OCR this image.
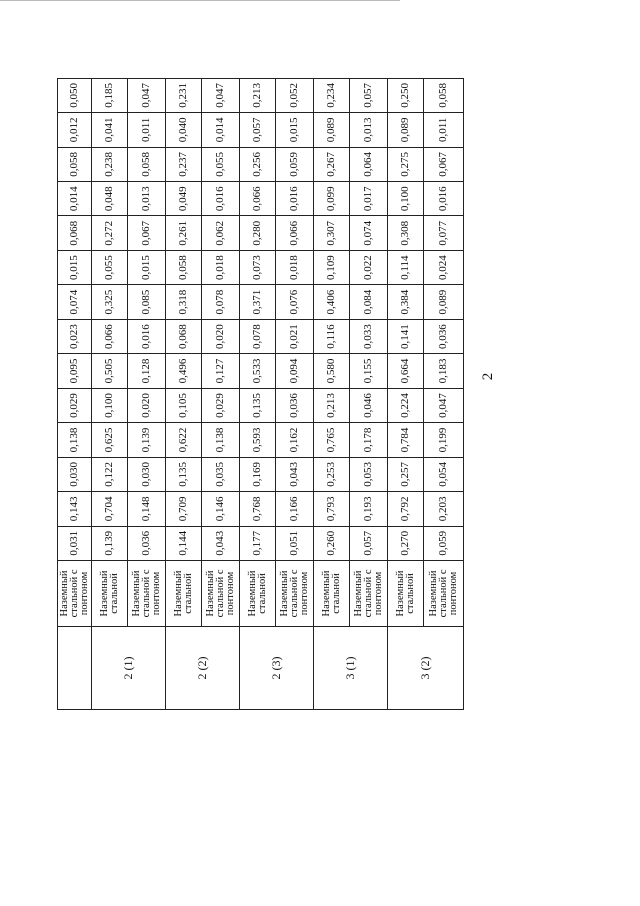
2

	Наземный стальной с понтоном	0,031	0,143	0,030	0,138	0,029	0,095	0,023	0,074	0,015	0,068	0,014	0,058	0,012	0,050
2 (1)	Наземный стальной	0,139	0,704	0,122	0,625	0,100	0,505	0,066	0,325	0,055	0,272	0,048	0,238	0,041	0,185

	Наземный стальной с понтоном	0,036	0,148	0,030	0,139	0,020	0,128	0,016	0,085	0,015	0,067	0,013	0,058	0,011	0,047
2 (2)	Наземный стальной	0,144	0,709	0,135	0,622	0,105	0,496	0,068	0,318	0,058	0,261	0,049	0,237	0,040	0,231

	Наземный стальной с понтоном	0,043	0,146	0,035	0,138	0,029	0,127	0,020	0,078	0,018	0,062	0,016	0,055	0,014	0,047
2 (3)	Наземный стальной	0,177	0,768	0,169	0,593	0,135	0,533	0,078	0,371	0,073	0,280	0,066	0,256	0,057	0,213

	Наземный стальной с понтоном	0,051	0,166	0,043	0,162	0,036	0,094	0,021	0,076	0,018	0,066	0,016	0,059	0,015	0,052
3 (1)	Наземный стальной	0,260	0,793	0,253	0,765	0,213	0,580	0,116	0,406	0,109	0,307	0,099	0,267	0,089	0,234

	Наземный стальной с понтоном	0,057	0,193	0,053	0,178	0,046	0,155	0,033	0,084	0,022	0,074	0,017	0,064	0,013	0,057
3 (2)	Наземный стальной	0,270	0,792	0,257	0,784	0,224	0,664	0,141	0,384	0,114	0,308	0,100	0,275	0,089	0,250

	Наземный стальной с понтоном	0,059	0,203	0,054	0,199	0,047	0,183	0,036	0,089	0,024	0,077	0,016	0,067	0,011	0,058
